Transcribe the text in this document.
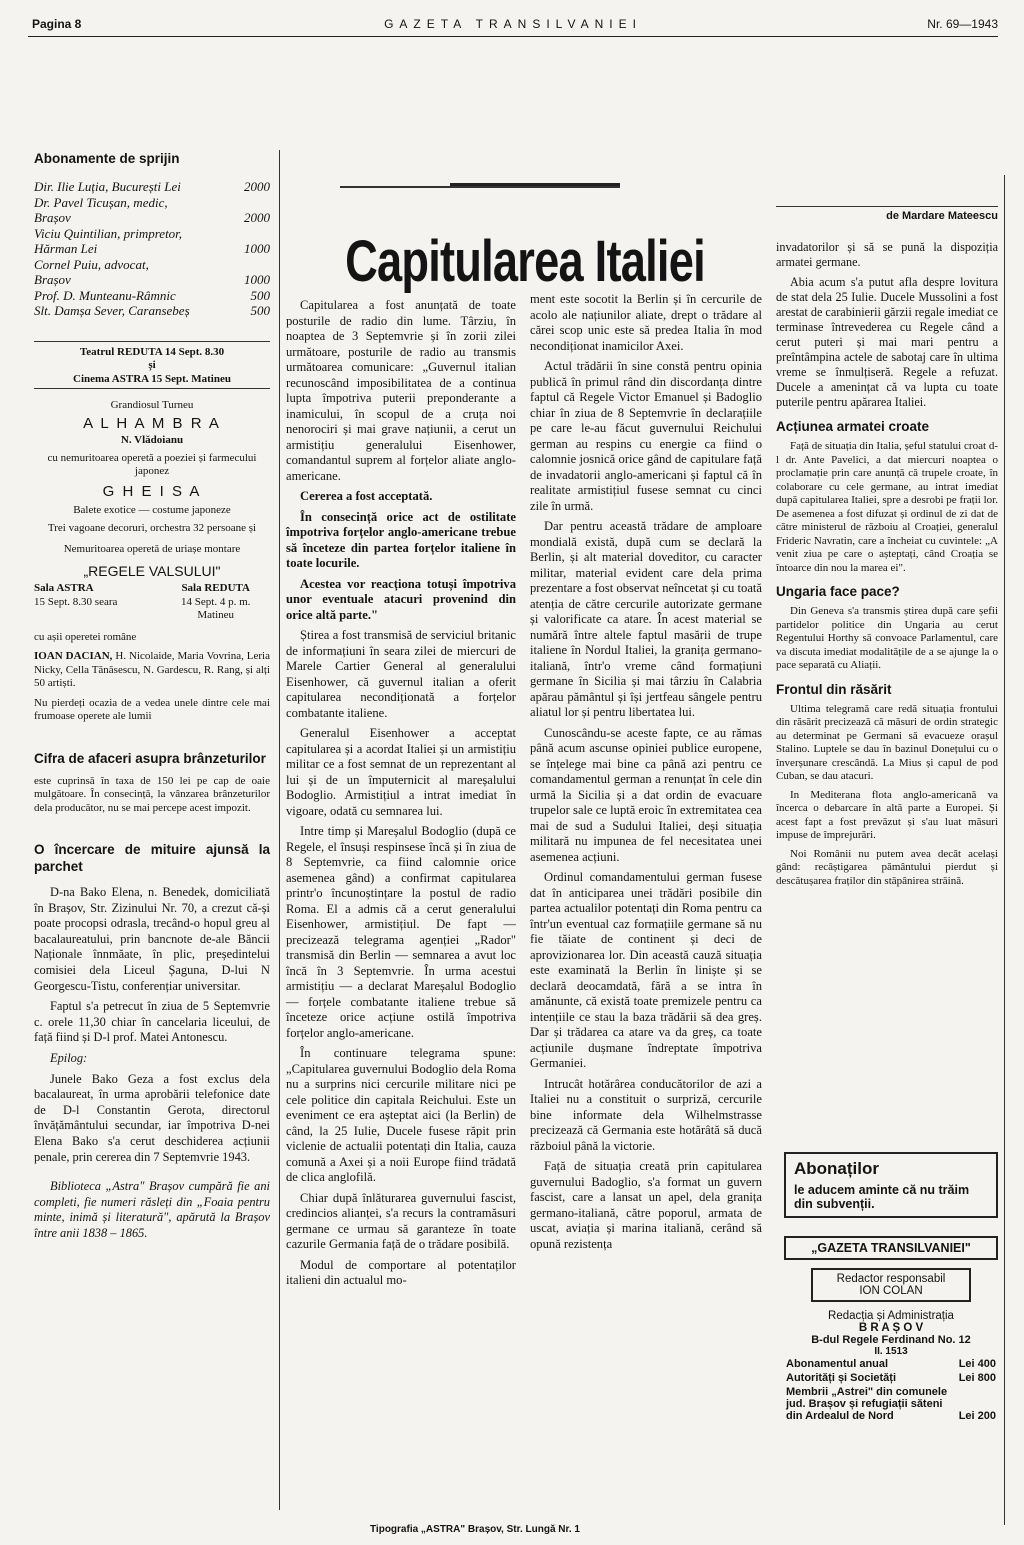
Pagina 8	GAZETA TRANSILVANIEI	Nr. 69—1943

Abonamente de sprijin

Dir. Ilie Luția, București Lei	2000
Dr. Pavel Ticușan, medic,
Brașov	2000
Viciu Quintilian, primpretor,
Hărman Lei	1000
Cornel Puiu, advocat,
Brașov	1000
Prof. D. Munteanu-Râmnic	500
Slt. Damșa Sever, Caransebeș	500
Teatrul REDUTA 14 Sept. 8.30
și
Cinema ASTRA 15 Sept. Matineu
Grandiosul Turneu
A L H A M B R A
N. Vlădoianu
cu nemuritoarea operetă a poeziei și farmecului japonez
G H E I S A
Balete exotice — costume japoneze
Trei vagoane decoruri, orchestra 32 persoane și
Nemuritoarea operetă de uriașe montare
„REGELE VALSULUI"
Sala ASTRA
15 Sept. 8.30 seara
Sala REDUTA
14 Sept. 4 p. m. Matineu
cu așii operetei române
IOAN DACIAN, H. Nicolaide, Maria Vovrina, Leria Nicky, Cella Tănăsescu, N. Gardescu, R. Rang, și alți 50 artiști.
Nu pierdeți ocazia de a vedea unele dintre cele mai frumoase operete ale lumii

Cifra de afaceri asupra brânzeturilor

este cuprinsă în taxa de 150 lei pe cap de oaie mulgătoare. În consecință, la vânzarea brânzeturilor dela producător, nu se mai percepe acest impozit.

O încercare de mituire ajunsă la parchet

D-na Bako Elena, n. Benedek, domiciliată în Brașov, Str. Zizinului Nr. 70, a crezut că-și poate procopsi odrasla, trecând-o hopul greu al bacalaureatului, prin bancnote de-ale Băncii Naționale înnmăate, în plic, președintelui comisiei dela Liceul Șaguna, D-lui N Georgescu-Tistu, conferențiar universitar.

Faptul s'a petrecut în ziua de 5 Septemvrie c. orele 11,30 chiar în cancelaria liceului, de față fiind și D-l prof. Matei Antonescu.

Epilog:

Junele Bako Geza a fost exclus dela bacalaureat, în urma aprobării telefonice date de D-l Constantin Gerota, directorul învățământului secundar, iar împotriva D-nei Elena Bako s'a cerut deschiderea acțiunii penale, prin cererea din 7 Septemvrie 1943.

Biblioteca „Astra" Brașov cumpără fie ani completi, fie numeri răsleți din „Foaia pentru minte, inimă și literatură", apărută la Brașov între anii 1838 – 1865.

Capitularea Italiei

Capitularea a fost anunțată de toate posturile de radio din lume. Târziu, în noaptea de 3 Septemvrie și în zorii zilei următoare, posturile de radio au transmis următoarea comunicare: „Guvernul italian recunoscând imposibilitatea de a continua lupta împotriva puterii preponderante a inamicului, în scopul de a cruța noi nenorociri și mai grave națiunii, a cerut un armistițiu generalului Eisenhower, comandantul suprem al forțelor aliate anglo-americane.

Cererea a fost acceptată.

În consecință orice act de ostilitate împotriva forțelor anglo-americane trebue să înceteze din partea forțelor italiene în toate locurile.

Acestea vor reacționa totuși împotriva unor eventuale atacuri provenind din orice altă parte."

Știrea a fost transmisă de serviciul britanic de informațiuni în seara zilei de miercuri de Marele Cartier General al generalului Eisenhower, că guvernul italian a oferit capitularea necondiționată a forțelor combatante italiene.

Generalul Eisenhower a acceptat capitularea și a acordat Italiei și un armistițiu militar ce a fost semnat de un reprezentant al lui și de un împuternicit al mareșalului Bodoglio. Armistițiul a intrat imediat în vigoare, odată cu semnarea lui.

Intre timp și Mareșalul Bodoglio (după ce Regele, el însuși respinsese încă și în ziua de 8 Septemvrie, ca fiind calomnie orice asemenea gând) a confirmat capitularea printr'o încunoștințare la postul de radio Roma. El a admis că a cerut generalului Eisenhower, armistițiul. De fapt — precizează telegrama agenției „Rador" transmisă din Berlin — semnarea a avut loc încă în 3 Septemvrie. În urma acestui armistițiu — a declarat Mareșalul Bodoglio — forțele combatante italiene trebue să înceteze orice acțiune ostilă împotriva forțelor anglo-americane.

În continuare telegrama spune: „Capitularea guvernului Bodoglio dela Roma nu a surprins nici cercurile militare nici pe cele politice din capitala Reichului. Este un eveniment ce era așteptat aici (la Berlin) de când, la 25 Iulie, Ducele fusese răpit prin viclenie de actualii potentați din Italia, cauza comună a Axei și a noii Europe fiind trădată de clica anglofilă.

Chiar după înlăturarea guvernului fascist, credincios alianței, s'a recurs la contramăsuri germane ce urmau să garanteze în toate cazurile Germania față de o trădare posibilă.

Modul de comportare al potentaților italieni din actualul mo-

ment este socotit la Berlin și în cercurile de acolo ale națiunilor aliate, drept o trădare al cărei scop unic este să predea Italia în mod necondiționat inamicilor Axei.

Actul trădării în sine constă pentru opinia publică în primul rând din discordanța dintre faptul că Regele Victor Emanuel și Badoglio chiar în ziua de 8 Septemvrie în declarațiile pe care le-au făcut guvernului Reichului german au respins cu energie ca fiind o calomnie josnică orice gând de capitulare față de invadatorii anglo-americani și faptul că în realitate armistițiul fusese semnat cu cinci zile în urmă.

Dar pentru această trădare de amploare mondială există, după cum se declară la Berlin, și alt material doveditor, cu caracter militar, material evident care dela prima prezentare a fost observat neîncetat și cu toată atenția de către cercurile autorizate germane și valorificate ca atare. În acest material se numără între altele faptul masării de trupe italiene în Nordul Italiei, la granița germano-italiană, într'o vreme când formațiuni germane în Sicilia și mai târziu în Calabria apărau pământul și își jertfeau sângele pentru aliatul lor și pentru libertatea lui.

Cunoscându-se aceste fapte, ce au rămas până acum ascunse opiniei publice europene, se înțelege mai bine ca până azi pentru ce comandamentul german a renunțat în cele din urmă la Sicilia și a dat ordin de evacuare trupelor sale ce luptă eroic în extremitatea cea mai de sud a Sudului Italiei, deși situația militară nu impunea de fel necesitatea unei asemenea acțiuni.

Ordinul comandamentului german fusese dat în anticiparea unei trădări posibile din partea actualilor potentați din Roma pentru ca într'un eventual caz formațiile germane să nu fie tăiate de continent și deci de aprovizionarea lor. Din această cauză situația este examinată la Berlin în liniște și se declară deocamdată, fără a se intra în amănunte, că există toate premizele pentru ca intențiile ce stau la baza trădării să dea greș. Dar și trădarea ca atare va da greș, ca toate acțiunile dușmane îndreptate împotriva Germaniei.

Intrucât hotărârea conducătorilor de azi a Italiei nu a constituit o surpriză, cercurile bine informate dela Wilhelmstrasse precizează că Germania este hotărâtă să ducă războiul până la victorie.

Față de situația creată prin capitularea guvernului Badoglio, s'a format un guvern fascist, care a lansat un apel, dela granița germano-italiană, către poporul, armata de uscat, aviația și marina italiană, cerând să opună rezistența

de Mardare Mateescu

invadatorilor și să se pună la dispoziția armatei germane.

Abia acum s'a putut afla desp​re lovitura de stat dela 25 Iulie. Ducele Mussolini a fost arestat de carabinierii gărzii regale imediat ce terminase întrevederea cu Regele când a cerut puteri și mai mari pentru a preîntâmpina actele de sabotaj care în ultima vreme se înmulțiseră. Regele a refuzat. Ducele a amenințat că va lupta cu toate puterile pentru apărarea Italiei.

Acțiunea armatei croate

Față de situația din Italia, șeful statului croat d-l dr. Ante Pavelici, a dat miercuri noaptea o proclamație prin care anunță că trupele croate, în colaborare cu cele germane, au intrat imediat după capitularea Italiei, spre a desrobi pe frații lor. De asemenea a fost difuzat și ordinul de zi dat de către ministerul de războiu al Croației, generalul Frideric Navratin, care a încheiat cu cuvintele: „A venit ziua pe care o așteptați, când Croația se întoarce din nou la marea ei".

Ungaria face pace?

Din Geneva s'a transmis știrea după care șefii partidelor politice din Ungaria au cerut Regentului Horthy să convoace Parlamentul, care va discuta imediat modalitățile de a se ajunge la o pace separată cu Aliații.

Frontul din răsărit

Ultima telegramă care redă situația frontului din răsărit precizează că măsuri de ordin strategic au determinat pe Germani să evacueze orașul Stalino. Luptele se dau în bazinul Donețului cu o înverșunare crescândă. La Mius și capul de pod Cuban, se dau atacuri.

In Mediterana flota anglo-americană va încerca o debarcare în altă parte a Europei. Și acest fapt a fost prevăzut și s'au luat măsuri impuse de împrejurări.

Noi Românii nu putem avea decât același gând: recâștigarea pământului pierdut și descătușarea fraților din stăpânirea străină.

Abonaților
le aducem aminte că nu trăim din subvenții.
„GAZETA TRANSILVANIEI"
Redactor responsabil
ION COLAN
Redacția și Administrația
B R A Ș O V
B-dul Regele Ferdinand No. 12
II. 1513
Abonamentul anual	Lei 400
Autorități și Societăți	Lei 800
Membrii „Astrei" din comunele jud. Brașov și refugiații săteni din Ardealul de Nord	Lei 200
Tipografia „ASTRA" Brașov, Str. Lungă Nr. 1
